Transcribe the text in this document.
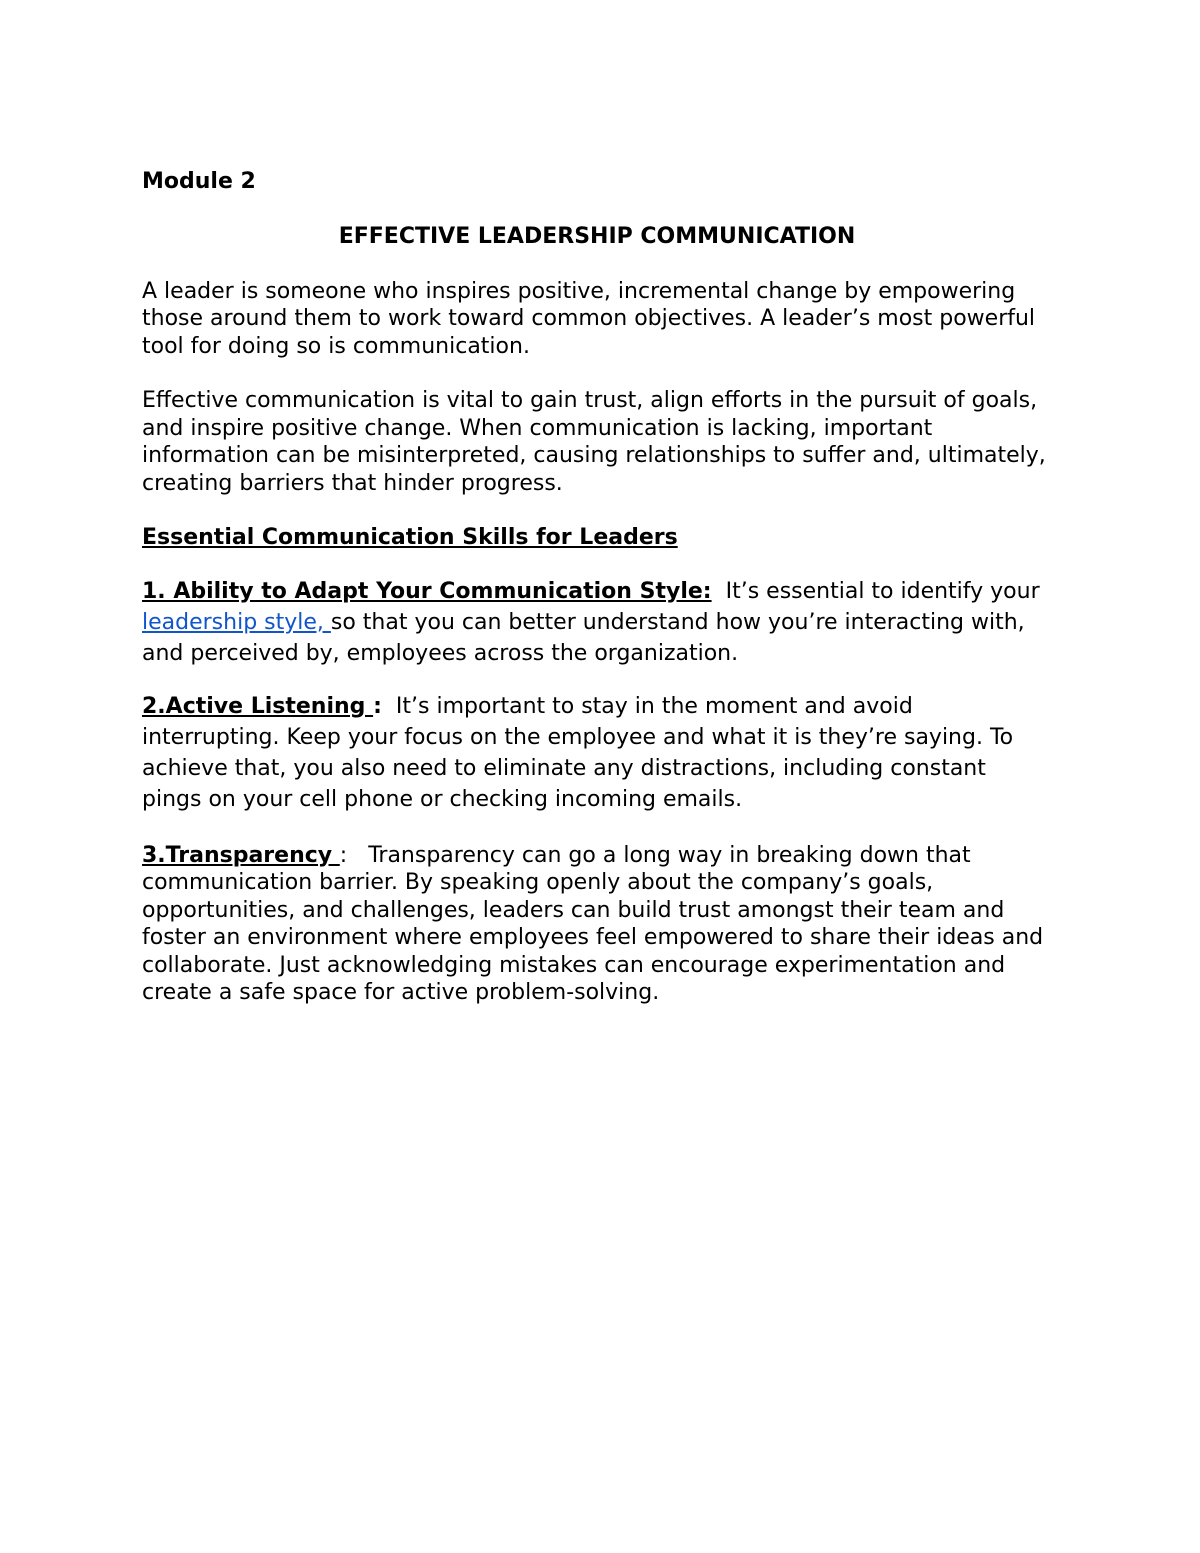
Module 2

EFFECTIVE LEADERSHIP COMMUNICATION

A leader is someone who inspires positive, incremental change by empowering those around them to work toward common objectives. A leader’s most powerful tool for doing so is communication.

Effective communication is vital to gain trust, align efforts in the pursuit of goals, and inspire positive change. When communication is lacking, important information can be misinterpreted, causing relationships to suffer and, ultimately, creating barriers that hinder progress.

Essential Communication Skills for Leaders

1. Ability to Adapt Your Communication Style: It’s essential to identify your leadership style, so that you can better understand how you’re interacting with, and perceived by, employees across the organization.

2.Active Listening : It’s important to stay in the moment and avoid interrupting. Keep your focus on the employee and what it is they’re saying. To achieve that, you also need to eliminate any distractions, including constant pings on your cell phone or checking incoming emails.

3.Transparency : Transparency can go a long way in breaking down that communication barrier. By speaking openly about the company’s goals, opportunities, and challenges, leaders can build trust amongst their team and foster an environment where employees feel empowered to share their ideas and collaborate. Just acknowledging mistakes can encourage experimentation and create a safe space for active problem-solving.
